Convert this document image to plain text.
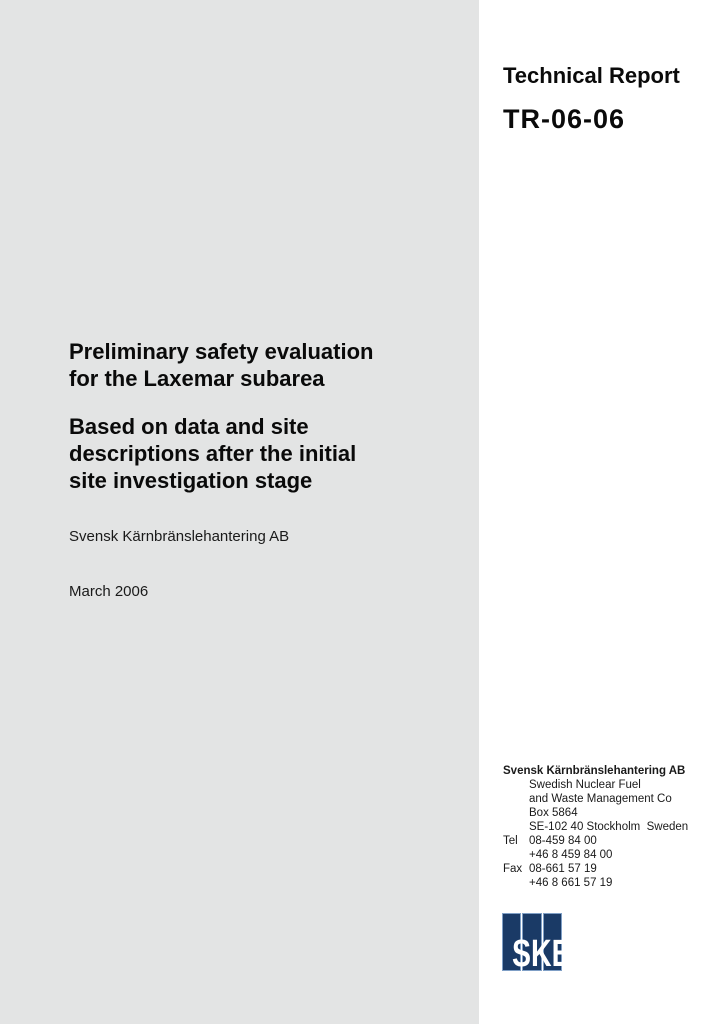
Technical Report
TR-06-06
Preliminary safety evaluation
for the Laxemar subarea
Based on data and site
descriptions after the initial
site investigation stage
Svensk Kärnbränslehantering AB
March 2006
Svensk Kärnbränslehantering AB
Swedish Nuclear Fuel
and Waste Management Co
Box 5864
SE-102 40 Stockholm  Sweden
Tel 08-459 84 00
+46 8 459 84 00
Fax 08-661 57 19
+46 8 661 57 19
SKB
